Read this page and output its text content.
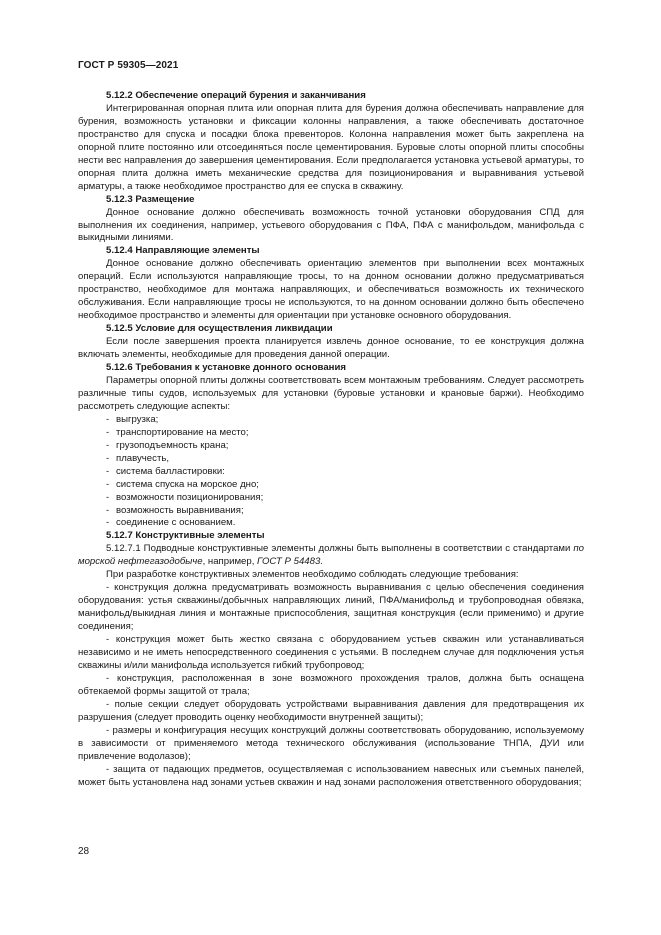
ГОСТ Р 59305—2021
5.12.2 Обеспечение операций бурения и заканчивания

Интегрированная опорная плита или опорная плита для бурения должна обеспечивать направление для бурения, возможность установки и фиксации колонны направления, а также обеспечивать достаточное пространство для спуска и посадки блока превенторов. Колонна направления может быть закреплена на опорной плите постоянно или отсоединяться после цементирования. Буровые слоты опорной плиты способны нести вес направления до завершения цементирования. Если предполагается установка устьевой арматуры, то опорная плита должна иметь механические средства для позиционирования и выравнивания устьевой арматуры, а также необходимое пространство для ее спуска в скважину.

5.12.3 Размещение

Донное основание должно обеспечивать возможность точной установки оборудования СПД для выполнения их соединения, например, устьевого оборудования с ПФА, ПФА с манифольдом, манифольда с выкидными линиями.

5.12.4 Направляющие элементы

Донное основание должно обеспечивать ориентацию элементов при выполнении всех монтажных операций. Если используются направляющие тросы, то на донном основании должно предусматриваться пространство, необходимое для монтажа направляющих, и обеспечиваться возможность их технического обслуживания. Если направляющие тросы не используются, то на донном основании должно быть обеспечено необходимое пространство и элементы для ориентации при установке основного оборудования.

5.12.5 Условие для осуществления ликвидации

Если после завершения проекта планируется извлечь донное основание, то ее конструкция должна включать элементы, необходимые для проведения данной операции.

5.12.6 Требования к установке донного основания

Параметры опорной плиты должны соответствовать всем монтажным требованиям. Следует рассмотреть различные типы судов, используемых для установки (буровые установки и крановые баржи). Необходимо рассмотреть следующие аспекты:

- выгрузка;
- транспортирование на место;
- грузоподъемность крана;
- плавучесть,
- система балластировки:
- система спуска на морское дно;
- возможности позиционирования;
- возможность выравнивания;
- соединение с основанием.
5.12.7 Конструктивные элементы

5.12.7.1 Подводные конструктивные элементы должны быть выполнены в соответствии с стандартами по морской нефтегазодобыче, например, ГОСТ Р 54483.

При разработке конструктивных элементов необходимо соблюдать следующие требования:

- конструкция должна предусматривать возможность выравнивания с целью обеспечения соединения оборудования: устья скважины/добычных направляющих линий, ПФА/манифольд и трубопроводная обвязка, манифольд/выкидная линия и монтажные приспособления, защитная конструкция (если применимо) и другие соединения;

- конструкция может быть жестко связана с оборудованием устьев скважин или устанавливаться независимо и не иметь непосредственного соединения с устьями. В последнем случае для подключения устья скважины и/или манифольда используется гибкий трубопровод;

- конструкция, расположенная в зоне возможного прохождения тралов, должна быть оснащена обтекаемой формы защитой от трала;

- полые секции следует оборудовать устройствами выравнивания давления для предотвращения их разрушения (следует проводить оценку необходимости внутренней защиты);

- размеры и конфигурация несущих конструкций должны соответствовать оборудованию, используемому в зависимости от применяемого метода технического обслуживания (использование ТНПА, ДУИ или привлечение водолазов);

- защита от падающих предметов, осуществляемая с использованием навесных или съемных панелей, может быть установлена над зонами устьев скважин и над зонами расположения ответственного оборудования;

28
